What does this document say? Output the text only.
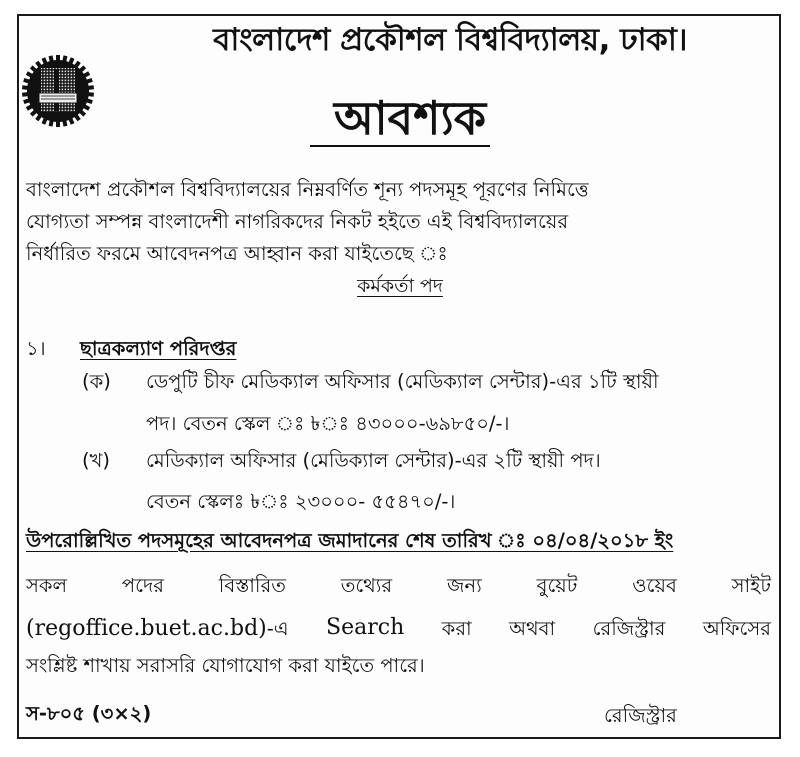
বাংলাদেশ প্রকৌশল বিশ্ববিদ্যালয়, ঢাকা।
আবশ্যক
বাংলাদেশ প্রকৌশল বিশ্ববিদ্যালয়ের নিম্নবর্ণিত শূন্য পদসমূহ পূরণের নিমিত্তে
যোগ্যতা সম্পন্ন বাংলাদেশী নাগরিকদের নিকট হইতে এই বিশ্ববিদ্যালয়ের
নির্ধারিত ফরমে আবেদনপত্র আহ্বান করা যাইতেছে ঃ
কর্মকর্তা পদ
১। ছাত্রকল্যাণ পরিদপ্তর
(ক) ডেপুটি চীফ মেডিক্যাল অফিসার (মেডিক্যাল সেন্টার)-এর ১টি স্থায়ী
পদ। বেতন স্কেল ঃ ৳ঃ ৪৩০০০-৬৯৮৫০/-।
(খ) মেডিক্যাল অফিসার (মেডিক্যাল সেন্টার)-এর ২টি স্থায়ী পদ।
বেতন স্কেলঃ ৳ঃ ২৩০০০- ৫৫৪৭০/-।
উপরোল্লিখিত পদসমূহের আবেদনপত্র জমাদানের শেষ তারিখ ঃ ০৪/০৪/২০১৮ ইং
সকল	পদের	বিস্তারিত	তথ্যের	জন্য	বুয়েট	ওয়েব	সাইট
(regoffice.buet.ac.bd)-এ Search করা অথবা রেজিস্ট্রার অফিসের
সংশ্লিষ্ট শাখায় সরাসরি যোগাযোগ করা যাইতে পারে।
স-৮০৫ (৩×২)	রেজিস্ট্রার
